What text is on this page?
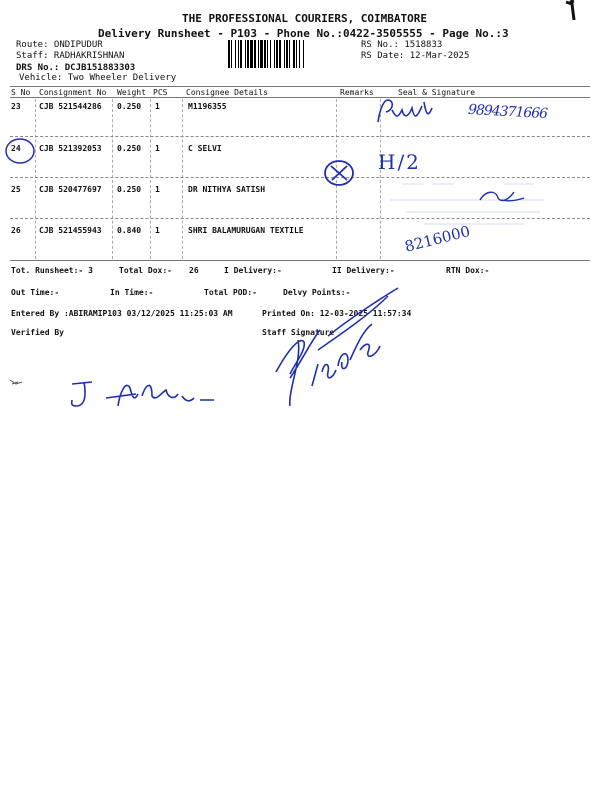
THE PROFESSIONAL COURIERS, COIMBATORE
Delivery Runsheet - P103 - Phone No.:0422-3505555 - Page No.:3
Route: ONDIPUDUR
Staff: RADHAKRISHNAN
DRS No.: DCJB151883303
Vehicle: Two Wheeler Delivery
RS No.: 1518833
RS Date: 12-Mar-2025
S No Consignment No Weight PCS Consignee Details	Remarks	Seal & Signature
23 CJB 521544286 0.250 1	M1196355
24 CJB 521392053 0.250 1	C SELVI
25 CJB 520477697 0.250 1	DR NITHYA SATISH
26 CJB 521455943 0.840 1	SHRI BALAMURUGAN TEXTILE
Tot. Runsheet:- 3	Total Dox:- 26	I Delivery:-	II Delivery:-	RTN Dox:-
Out Time:-	In Time:-	Total POD:-	Delvy Points:-
Entered By :ABIRAMIP103 03/12/2025 11:25:03 AM	Printed On: 12-03-2025 11:57:34
Verified By	Staff Signature
9894371666
H/2
8216000
